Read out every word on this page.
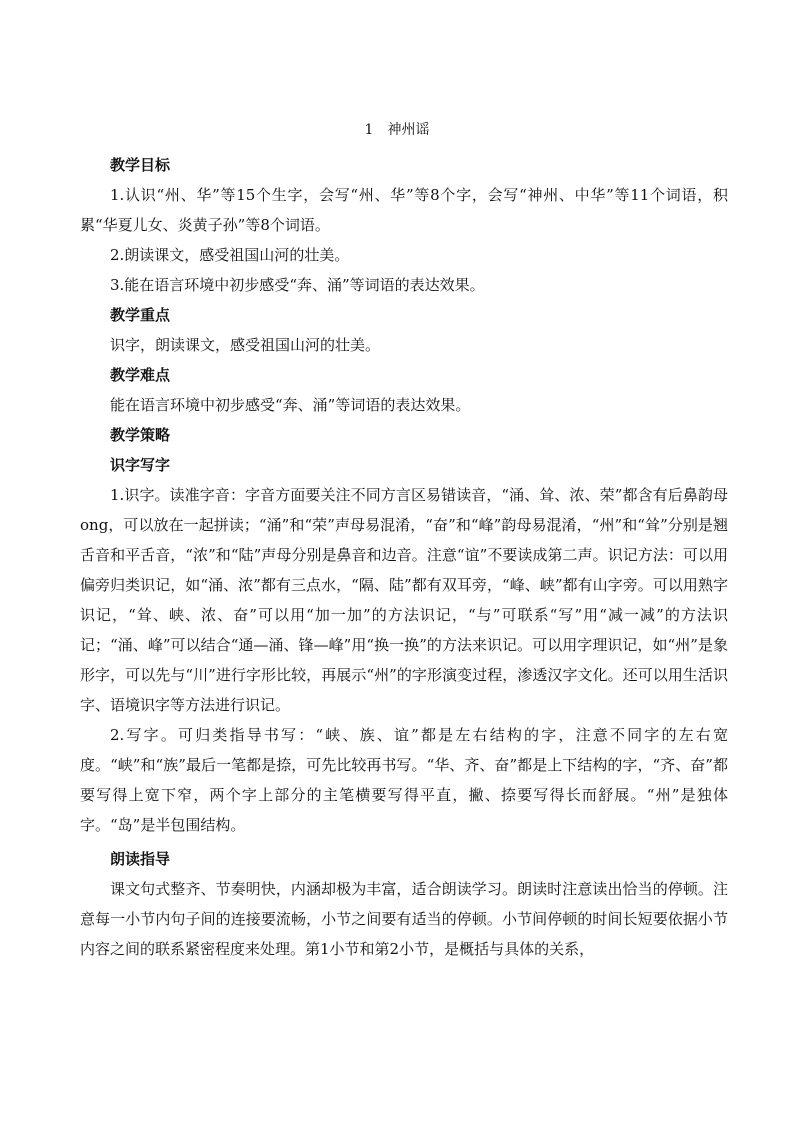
1 神州谣

教学目标

1.认识“州、华”等15个生字，会写“州、华”等8个字，会写“神州、中华”等11个词语，积累“华夏儿女、炎黄子孙”等8个词语。

2.朗读课文，感受祖国山河的壮美。

3.能在语言环境中初步感受“奔、涌”等词语的表达效果。

教学重点

识字，朗读课文，感受祖国山河的壮美。

教学难点

能在语言环境中初步感受“奔、涌”等词语的表达效果。

教学策略

识字写字

1.识字。读准字音：字音方面要关注不同方言区易错读音，“涌、耸、浓、荣”都含有后鼻韵母ong，可以放在一起拼读；“涌”和“荣”声母易混淆，“奋”和“峰”韵母易混淆，“州”和“耸”分别是翘舌音和平舌音，“浓”和“陆”声母分别是鼻音和边音。注意“谊”不要读成第二声。识记方法：可以用偏旁归类识记，如“涌、浓”都有三点水，“隔、陆”都有双耳旁，“峰、峡”都有山字旁。可以用熟字识记，“耸、峡、浓、奋”可以用“加一加”的方法识记，“与”可联系“写”用“减一减”的方法识记；“涌、峰”可以结合“通—涌、锋—峰”用“换一换”的方法来识记。可以用字理识记，如“州”是象形字，可以先与“川”进行字形比较，再展示“州”的字形演变过程，渗透汉字文化。还可以用生活识字、语境识字等方法进行识记。

2.写字。可归类指导书写：“峡、族、谊”都是左右结构的字，注意不同字的左右宽度。“峡”和“族”最后一笔都是捺，可先比较再书写。“华、齐、奋”都是上下结构的字，“齐、奋”都要写得上宽下窄，两个字上部分的主笔横要写得平直，撇、捺要写得长而舒展。“州”是独体字。“岛”是半包围结构。

朗读指导

课文句式整齐、节奏明快，内涵却极为丰富，适合朗读学习。朗读时注意读出恰当的停顿。注意每一小节内句子间的连接要流畅，小节之间要有适当的停顿。小节间停顿的时间长短要依据小节内容之间的联系紧密程度来处理。第1小节和第2小节，是概括与具体的关系，
